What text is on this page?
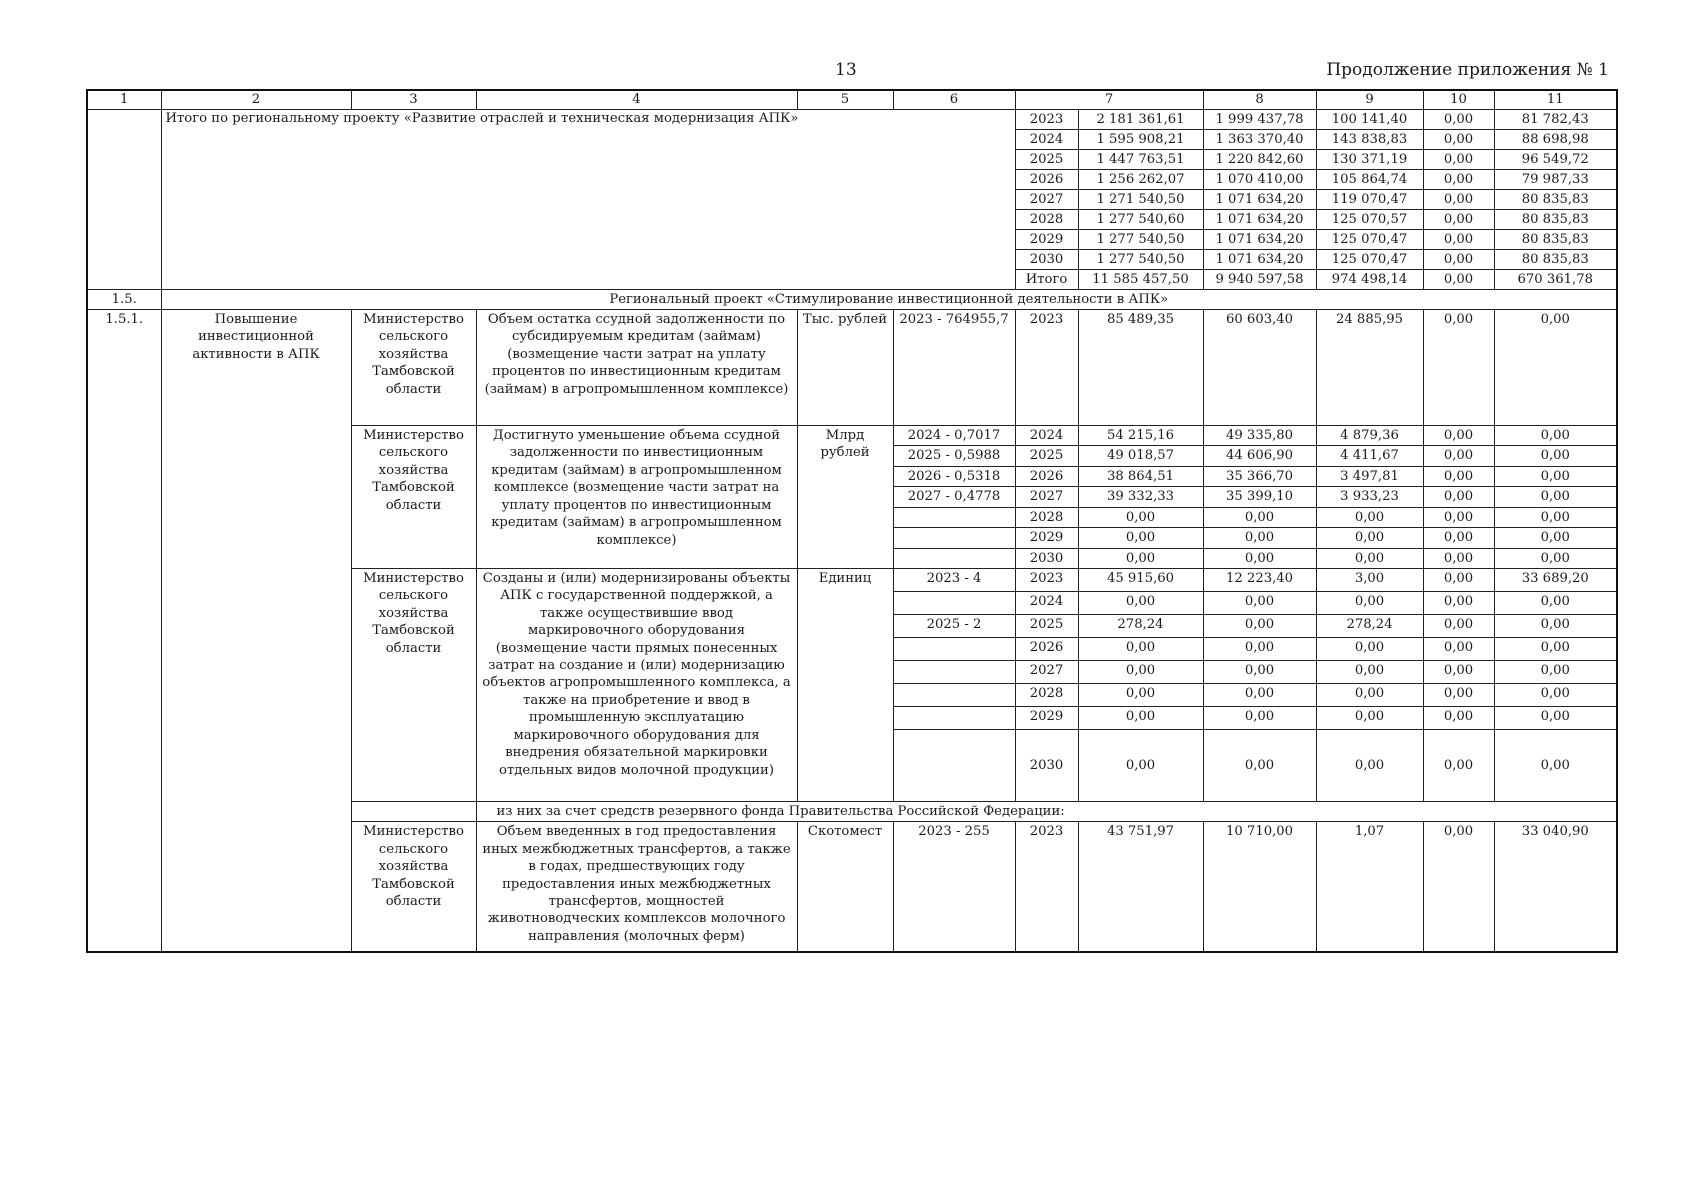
13	Продолжение приложения № 1
1	2	3	4	5	6	7		8	9	10	11
	Итого по региональному проекту «Развитие отраслей и техническая модернизация АПК»					2023	2 181 361,61	1 999 437,78	100 141,40	0,00	81 782,43
						2024	1 595 908,21	1 363 370,40	143 838,83	0,00	88 698,98
						2025	1 447 763,51	1 220 842,60	130 371,19	0,00	96 549,72
						2026	1 256 262,07	1 070 410,00	105 864,74	0,00	79 987,33
						2027	1 271 540,50	1 071 634,20	119 070,47	0,00	80 835,83
						2028	1 277 540,60	1 071 634,20	125 070,57	0,00	80 835,83
						2029	1 277 540,50	1 071 634,20	125 070,47	0,00	80 835,83
						2030	1 277 540,50	1 071 634,20	125 070,47	0,00	80 835,83
						Итого	11 585 457,50	9 940 597,58	974 498,14	0,00	670 361,78
1.5.	Региональный проект «Стимулирование инвестиционной деятельности в АПК»										
1.5.1.	Повышение инвестиционной активности в АПК	Министерство сельского хозяйства Тамбовской области	Объем остатка ссудной задолженности по субсидируемым кредитам (займам) (возмещение части затрат на уплату процентов по инвестиционным кредитам (займам) в агропромышленном комплексе)	Тыс. рублей	2023 - 764955,7	2023	85 489,35	60 603,40	24 885,95	0,00	0,00
		Министерство сельского хозяйства Тамбовской области	Достигнуто уменьшение объема ссудной задолженности по инвестиционным кредитам (займам) в агропромышленном комплексе (возмещение части затрат на уплату процентов по инвестиционным кредитам (займам) в агропромышленном комплексе)	Млрд рублей	2024 - 0,7017	2024	54 215,16	49 335,80	4 879,36	0,00	0,00
					2025 - 0,5988	2025	49 018,57	44 606,90	4 411,67	0,00	0,00
					2026 - 0,5318	2026	38 864,51	35 366,70	3 497,81	0,00	0,00
					2027 - 0,4778	2027	39 332,33	35 399,10	3 933,23	0,00	0,00
						2028	0,00	0,00	0,00	0,00	0,00
						2029	0,00	0,00	0,00	0,00	0,00
						2030	0,00	0,00	0,00	0,00	0,00
		Министерство сельского хозяйства Тамбовской области	Созданы и (или) модернизированы объекты АПК с государственной поддержкой, а также осуществившие ввод маркировочного оборудования (возмещение части прямых понесенных затрат на создание и (или) модернизацию объектов агропромышленного комплекса, а также на приобретение и ввод в промышленную эксплуатацию маркировочного оборудования для внедрения обязательной маркировки отдельных видов молочной продукции)	Единиц	2023 - 4	2023	45 915,60	12 223,40	3,00	0,00	33 689,20
						2024	0,00	0,00	0,00	0,00	0,00
					2025 - 2	2025	278,24	0,00	278,24	0,00	0,00
						2026	0,00	0,00	0,00	0,00	0,00
						2027	0,00	0,00	0,00	0,00	0,00
						2028	0,00	0,00	0,00	0,00	0,00
						2029	0,00	0,00	0,00	0,00	0,00
						2030	0,00	0,00	0,00	0,00	0,00
			из них за счет средств резервного фонда Правительства Российской Федерации:								
		Министерство сельского хозяйства Тамбовской области	Объем введенных в год предоставления иных межбюджетных трансфертов, а также в годах, предшествующих году предоставления иных межбюджетных трансфертов, мощностей животноводческих комплексов молочного направления (молочных ферм)	Скотомест	2023 - 255	2023	43 751,97	10 710,00	1,07	0,00	33 040,90
